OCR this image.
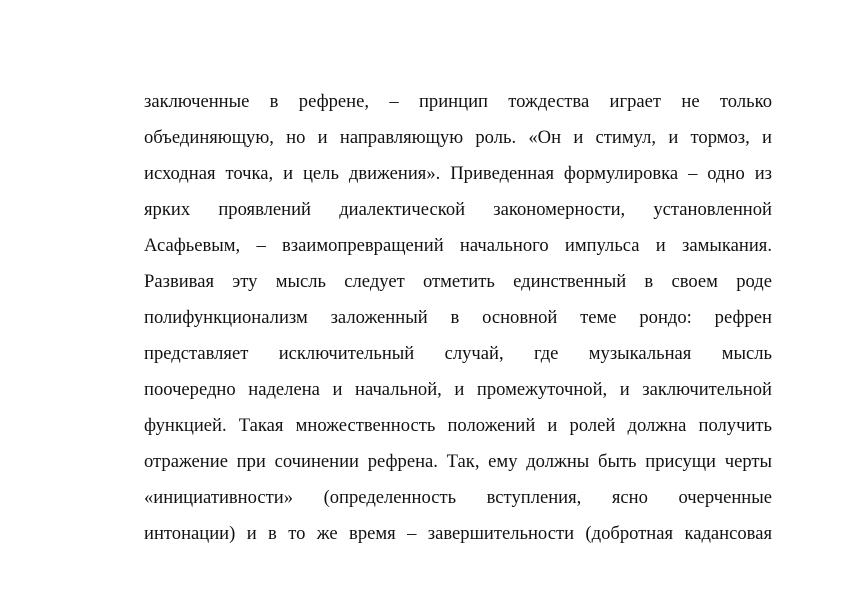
заключенные в рефрене, – принцип тождества играет не только
объединяющую, но и направляющую роль. «Он и стимул, и тормоз, и
исходная точка, и цель движения». Приведенная формулировка – одно из
ярких проявлений диалектической закономерности, установленной
Асафьевым, – взаимопревращений начального импульса и замыкания.
Развивая эту мысль следует отметить единственный в своем роде
полифункционализм заложенный в основной теме рондо: рефрен
представляет исключительный случай, где музыкальная мысль
поочередно наделена и начальной, и промежуточной, и заключительной
функцией. Такая множественность положений и ролей должна получить
отражение при сочинении рефрена. Так, ему должны быть присущи черты
«инициативности» (определенность вступления, ясно очерченные
интонации) и в то же время – завершительности (добротная кадансовая
